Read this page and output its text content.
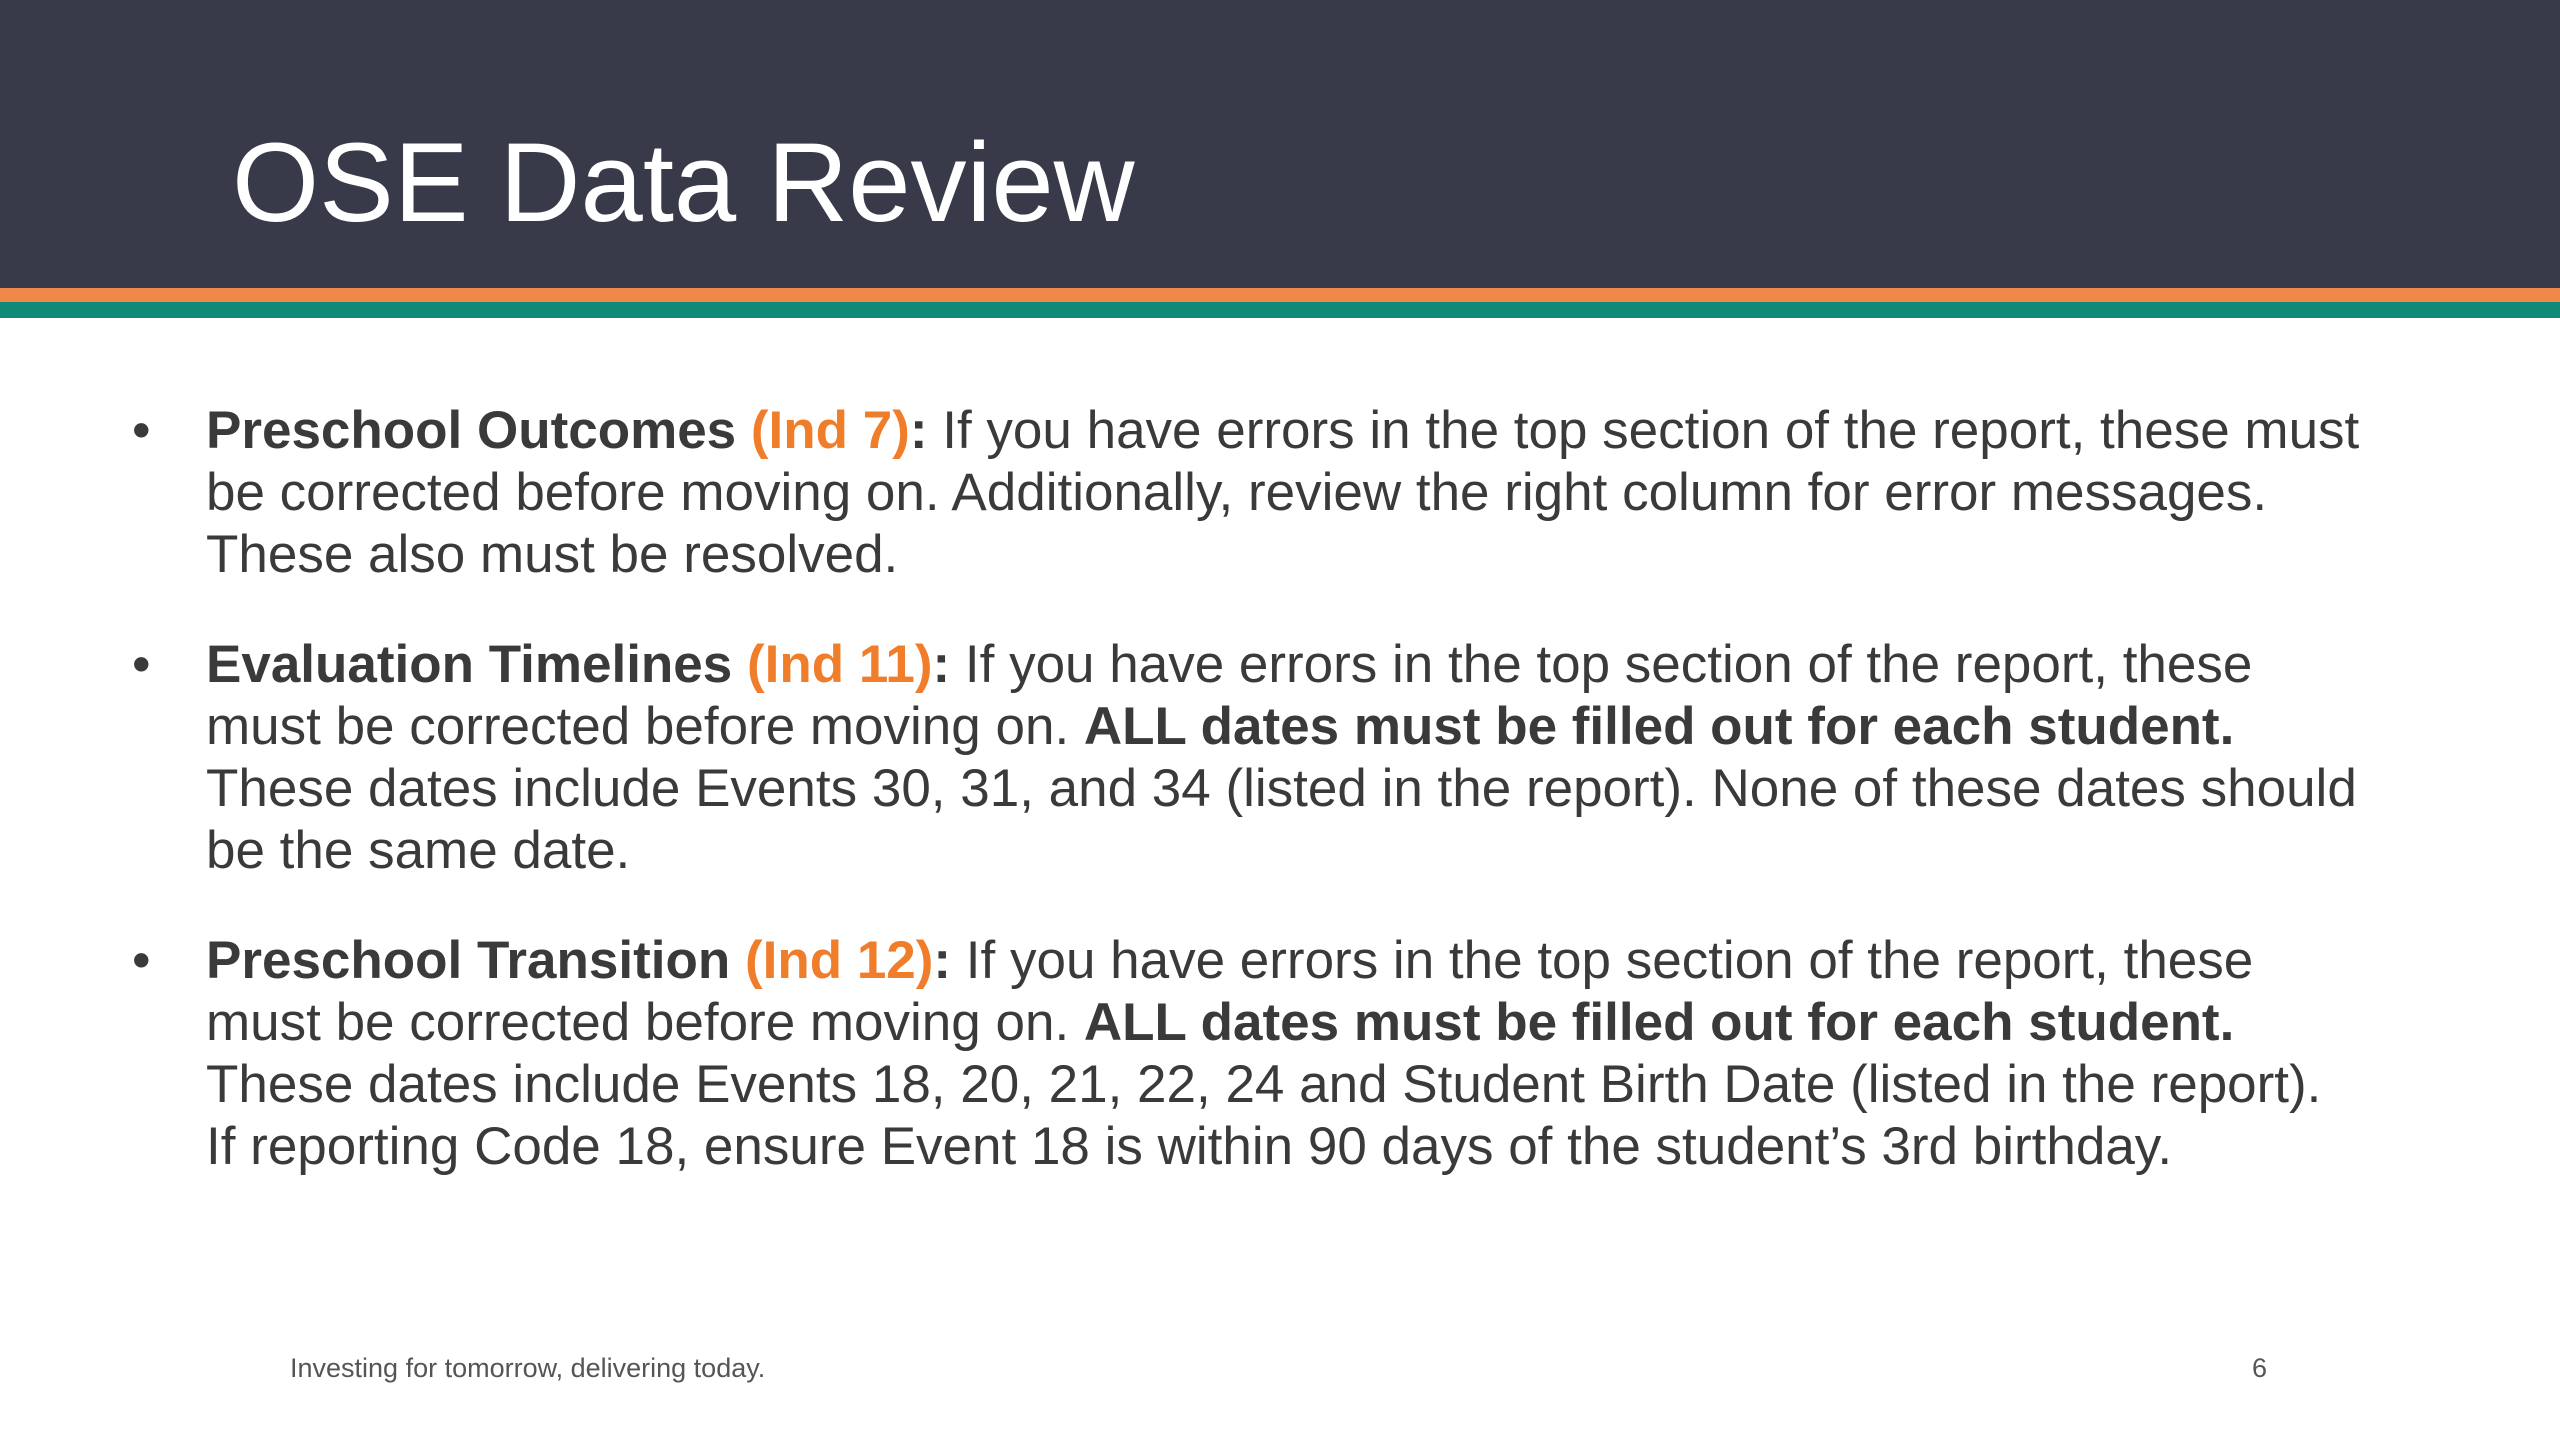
OSE Data Review
• Preschool Outcomes (Ind 7): If you have errors in the top section of the report, these must be corrected before moving on. Additionally, review the right column for error messages. These also must be resolved.
• Evaluation Timelines (Ind 11): If you have errors in the top section of the report, these must be corrected before moving on. ALL dates must be filled out for each student. These dates include Events 30, 31, and 34 (listed in the report). None of these dates should be the same date.
• Preschool Transition (Ind 12): If you have errors in the top section of the report, these must be corrected before moving on. ALL dates must be filled out for each student. These dates include Events 18, 20, 21, 22, 24 and Student Birth Date (listed in the report). If reporting Code 18, ensure Event 18 is within 90 days of the student’s 3rd birthday.
Investing for tomorrow, delivering today.	6
